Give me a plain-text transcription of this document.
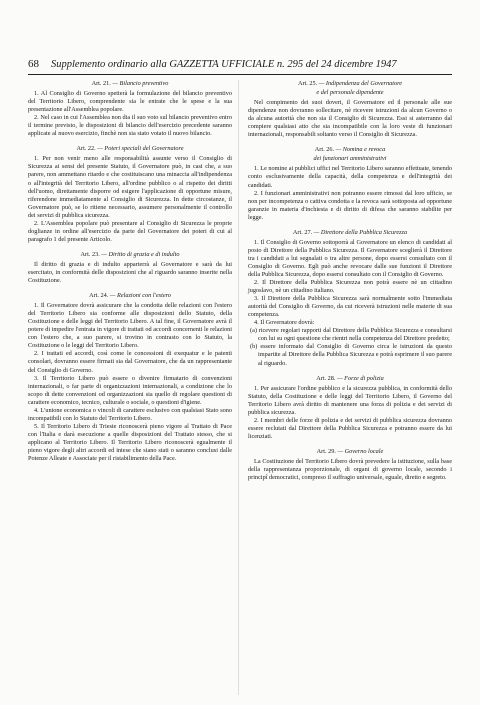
68 Supplemento ordinario alla GAZZETTA UFFICIALE n. 295 del 24 dicembre 1947
Art. 21. — Bilancio preventivo

1. Al Consiglio di Governo spetterà la formulazione del bilancio preventivo del Territorio Libero, comprendente sia le entrate che le spese e la sua presentazione all'Assemblea popolare.

2. Nel caso in cui l'Assemblea non dia il suo voto sul bilancio preventivo entro il termine previsto, le disposizioni di bilancio dell'esercizio precedente saranno applicate al nuovo esercizio, finchè non sia stato votato il nuovo bilancio.

Art. 22. — Poteri speciali del Governatore

1. Per non venir meno alle responsabilità assunte verso il Consiglio di Sicurezza ai sensi del presente Statuto, il Governatore può, in casi che, a suo parere, non ammettano ritardo e che costituiscano una minaccia all'indipendenza o all'integrità del Territorio Libero, all'ordine pubblico o al rispetto dei diritti dell'uomo, direttamente disporre od esigere l'applicazione di opportune misure, riferendone immediatamente al Consiglio di Sicurezza. In dette circostanze, il Governatore può, se lo ritiene necessario, assumere personalmente il controllo dei servizi di pubblica sicurezza.

2. L'Assemblea popolare può presentare al Consiglio di Sicurezza le proprie doglianze in ordine all'esercizio da parte del Governatore dei poteri di cui al paragrafo 1 del presente Articolo.

Art. 23. — Diritto di grazia e di indulto

Il diritto di grazia e di indulto apparterrà al Governatore e sarà da lui esercitato, in conformità delle disposizioni che al riguardo saranno inserite nella Costituzione.

Art. 24. — Relazioni con l'estero

1. Il Governatore dovrà assicurare che la condotta delle relazioni con l'estero del Territorio Libero sia conforme alle disposizioni dello Statuto, della Costituzione e delle leggi del Territorio Libero. A tal fine, il Governatore avrà il potere di impedire l'entrata in vigore di trattati od accordi concernenti le relazioni con l'estero che, a suo parere, si trovino in contrasto con lo Statuto, la Costituzione o le leggi del Territorio Libero.

2. I trattati ed accordi, così come le concessioni di exequatur e le patenti consolari, dovranno essere firmati sia dal Governatore, che da un rappresentante del Consiglio di Governo.

3. Il Territorio Libero può essere o divenire firmatario di convenzioni internazionali, o far parte di organizzazioni internazionali, a condizione che lo scopo di dette convenzioni od organizzazioni sia quello di regolare questioni di carattere economico, tecnico, culturale o sociale, o questioni d'igiene.

4. L'unione economica o vincoli di carattere esclusivo con qualsiasi Stato sono incompatibili con lo Statuto del Territorio Libero.

5. Il Territorio Libero di Trieste riconoscerà pieno vigore al Trattato di Pace con l'Italia e darà esecuzione a quelle disposizioni del Trattato stesso, che si applicano al Territorio Libero. Il Territorio Libero riconoscerà egualmente il pieno vigore degli altri accordi ed intese che siano stati o saranno conclusi dalle Potenze Alleate e Associate per il ristabilimento della Pace.

Art. 25. — Indipendenza del Governatore
e del personale dipendente

Nel compimento dei suoi doveri, il Governatore ed il personale alle sue dipendenze non dovranno sollecitare, nè ricevere istruzioni da alcun Governo o da alcuna autorità che non sia il Consiglio di Sicurezza. Essi si asterranno dal compiere qualsiasi atto che sia incompatibile con la loro veste di funzionari internazionali, responsabili soltanto verso il Consiglio di Sicurezza.

Art. 26. — Nomina e revoca
dei funzionari amministrativi

1. Le nomine ai pubblici uffici nel Territorio Libero saranno effettuate, tenendo conto esclusivamente della capacità, della competenza e dell'integrità dei candidati.

2. I funzionari amministrativi non potranno essere rimossi dal loro ufficio, se non per incompetenza o cattiva condotta e la revoca sarà sottoposta ad opportune garanzie in materia d'inchiesta e di diritto di difesa che saranno stabilite per legge.

Art. 27. — Direttore della Pubblica Sicurezza

1. Il Consiglio di Governo sottoporrà al Governatore un elenco di candidati al posto di Direttore della Pubblica Sicurezza. Il Governatore sceglierà il Direttore tra i candidati a lui segnalati o tra altre persone, dopo essersi consultato con il Consiglio di Governo. Egli può anche revocare dalle sue funzioni il Direttore della Pubblica Sicurezza, dopo essersi consultato con il Consiglio di Governo.

2. Il Direttore della Pubblica Sicurezza non potrà essere nè un cittadino jugoslavo, nè un cittadino italiano.

3. Il Direttore della Pubblica Sicurezza sarà normalmente sotto l'immediata autorità del Consiglio di Governo, da cui riceverà istruzioni nelle materie di sua competenza.

4. Il Governatore dovrà:

(a) ricevere regolari rapporti dal Direttore della Pubblica Sicurezza e consultarsi con lui su ogni questione che rientri nella competenza del Direttore predetto;

(b) essere informato dal Consiglio di Governo circa le istruzioni da questo impartite al Direttore della Pubblica Sicurezza e potrà esprimere il suo parere al riguardo.

Art. 28. — Forze di polizia

1. Per assicurare l'ordine pubblico e la sicurezza pubblica, in conformità dello Statuto, della Costituzione e delle leggi del Territorio Libero, il Governo del Territorio Libero avrà diritto di mantenere una forza di polizia e dei servizi di pubblica sicurezza.

2. I membri delle forze di polizia e dei servizi di pubblica sicurezza dovranno essere reclutati dal Direttore della Pubblica Sicurezza e potranno essere da lui licenziati.

Art. 29. — Governo locale

La Costituzione del Territorio Libero dovrà prevedere la istituzione, sulla base della rappresentanza proporzionale, di organi di governo locale, secondo i principî democratici, compreso il suffragio universale, eguale, diretto e segreto.
